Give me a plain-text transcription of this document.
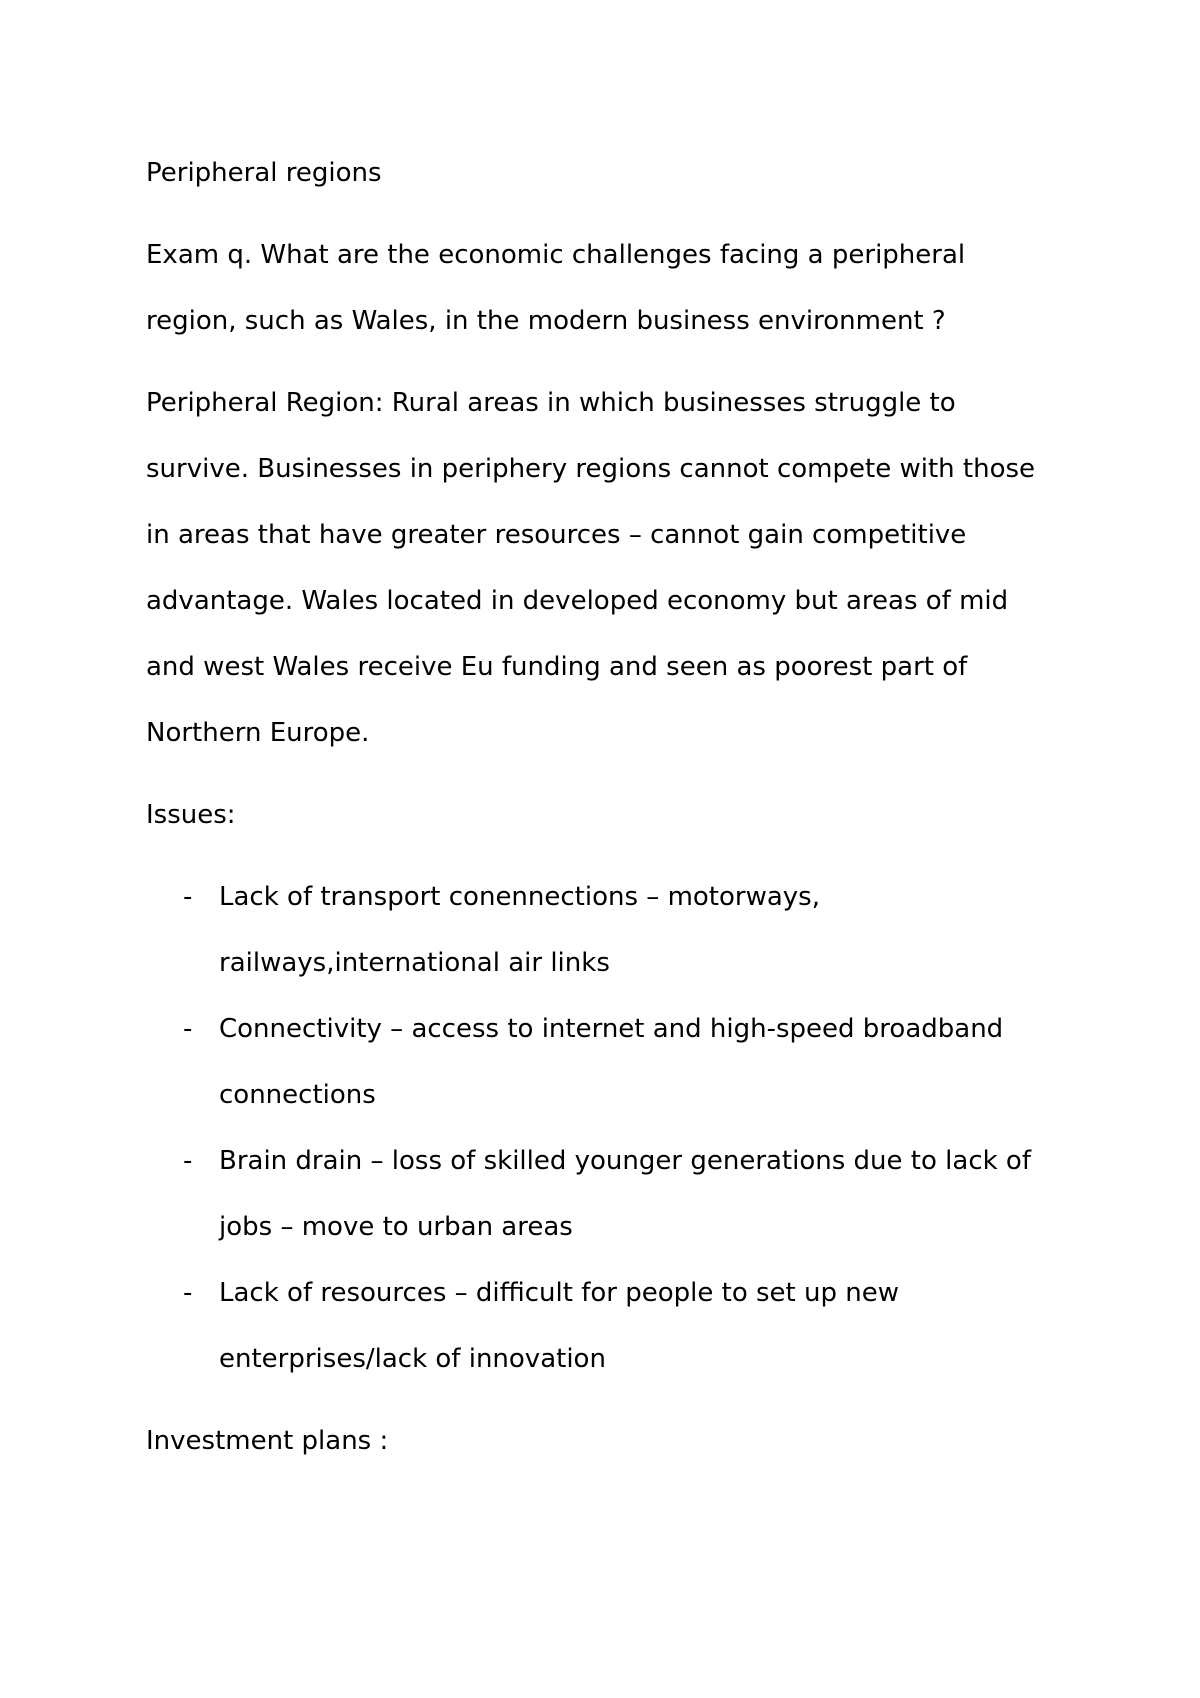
Peripheral regions

Exam q. What are the economic challenges facing a peripheral region, such as Wales, in the modern business environment ?

Peripheral Region: Rural areas in which businesses struggle to survive. Businesses in periphery regions cannot compete with those in areas that have greater resources – cannot gain competitive advantage. Wales located in developed economy but areas of mid and west Wales receive Eu funding and seen as poorest part of Northern Europe.

Issues:

- Lack of transport conennections – motorways, railways,international air links
- Connectivity – access to internet and high-speed broadband connections
- Brain drain – loss of skilled younger generations due to lack of jobs – move to urban areas
- Lack of resources – difficult for people to set up new enterprises/lack of innovation

Investment plans :
